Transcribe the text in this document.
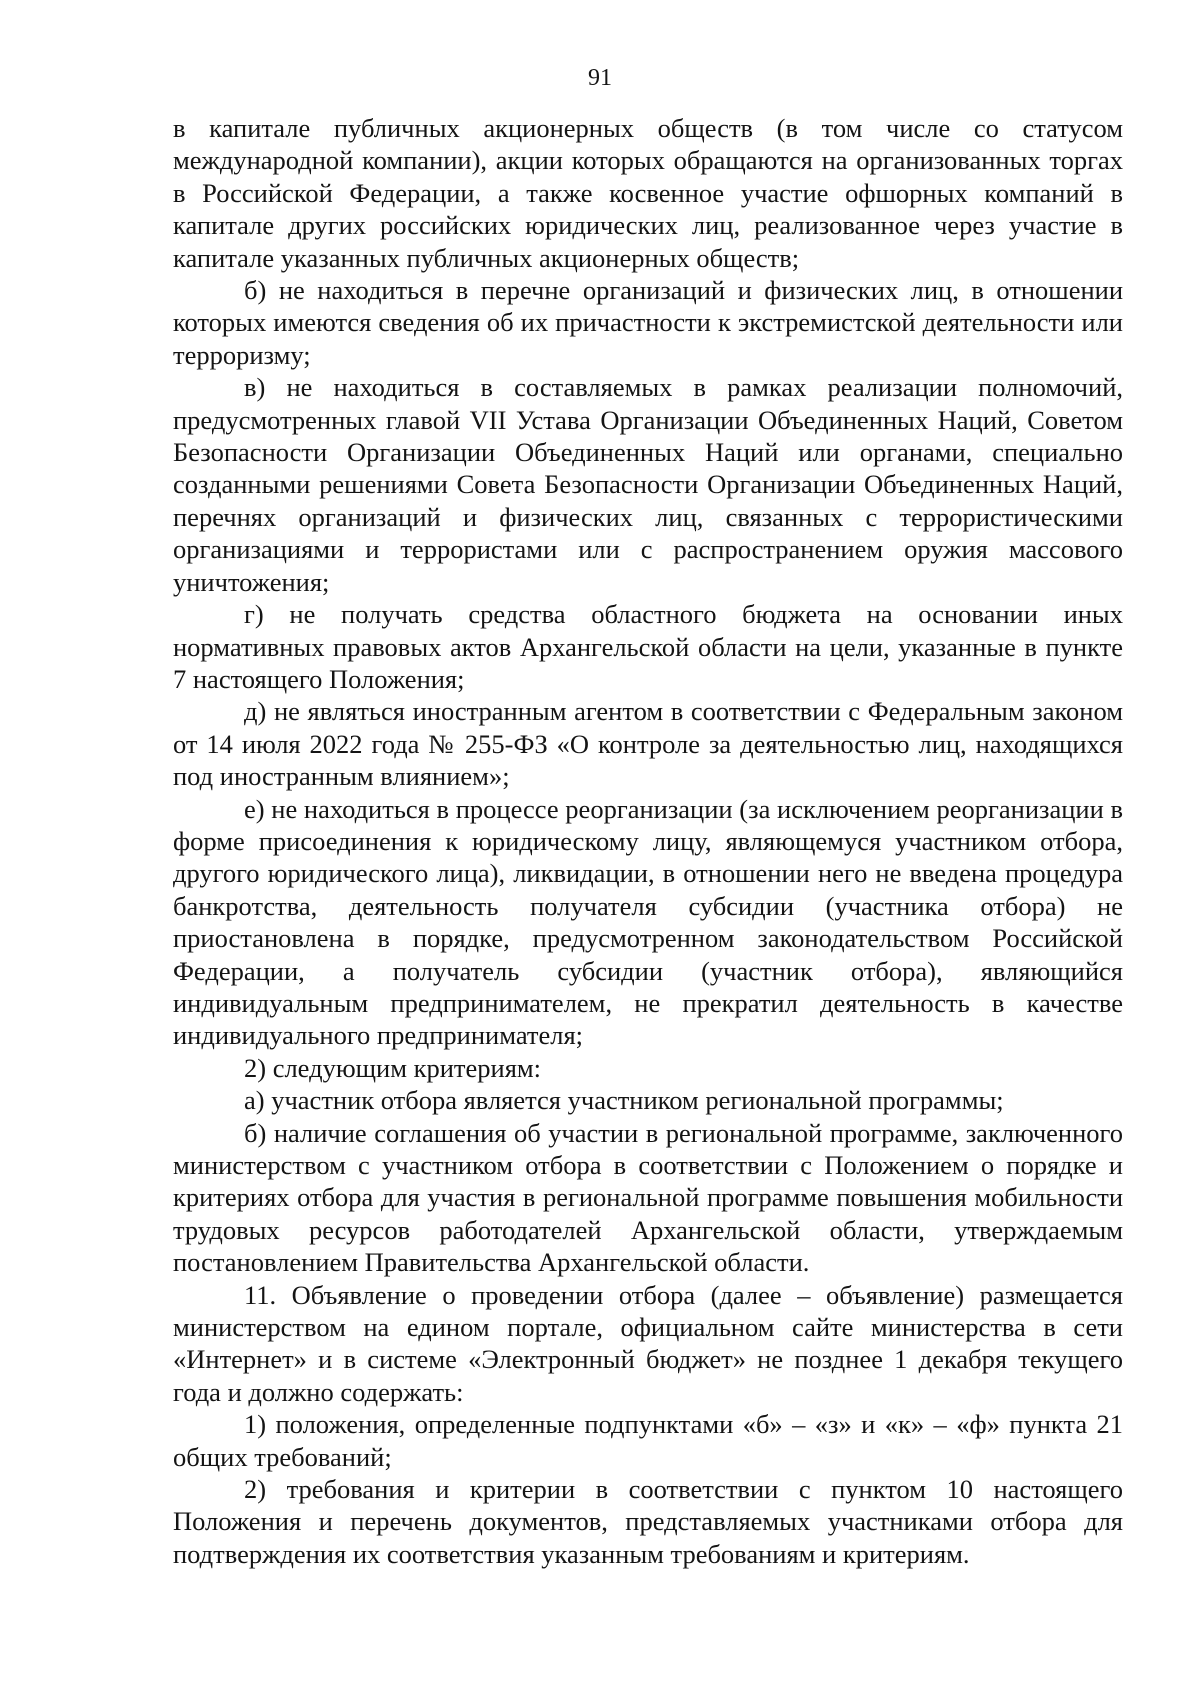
91

в капитале публичных акционерных обществ (в том числе со статусом международной компании), акции которых обращаются на организованных торгах в Российской Федерации, а также косвенное участие офшорных компаний в капитале других российских юридических лиц, реализованное через участие в капитале указанных публичных акционерных обществ;

б) не находиться в перечне организаций и физических лиц, в отношении которых имеются сведения об их причастности к экстремистской деятельности или терроризму;

в) не находиться в составляемых в рамках реализации полномочий, предусмотренных главой VII Устава Организации Объединенных Наций, Советом Безопасности Организации Объединенных Наций или органами, специально созданными решениями Совета Безопасности Организации Объединенных Наций, перечнях организаций и физических лиц, связанных с террористическими организациями и террористами или с распространением оружия массового уничтожения;

г) не получать средства областного бюджета на основании иных нормативных правовых актов Архангельской области на цели, указанные в пункте 7 настоящего Положения;

д) не являться иностранным агентом в соответствии с Федеральным законом от 14 июля 2022 года № 255-ФЗ «О контроле за деятельностью лиц, находящихся под иностранным влиянием»;

е) не находиться в процессе реорганизации (за исключением реорганизации в форме присоединения к юридическому лицу, являющемуся участником отбора, другого юридического лица), ликвидации, в отношении него не введена процедура банкротства, деятельность получателя субсидии (участника отбора) не приостановлена в порядке, предусмотренном законодательством Российской Федерации, а получатель субсидии (участник отбора), являющийся индивидуальным предпринимателем, не прекратил деятельность в качестве индивидуального предпринимателя;

2) следующим критериям:

а) участник отбора является участником региональной программы;

б) наличие соглашения об участии в региональной программе, заключенного министерством с участником отбора в соответствии с Положением о порядке и критериях отбора для участия в региональной программе повышения мобильности трудовых ресурсов работодателей Архангельской области, утверждаемым постановлением Правительства Архангельской области.

11. Объявление о проведении отбора (далее – объявление) размещается министерством на едином портале, официальном сайте министерства в сети «Интернет» и в системе «Электронный бюджет» не позднее 1 декабря текущего года и должно содержать:

1) положения, определенные подпунктами «б» – «з» и «к» – «ф» пункта 21 общих требований;

2) требования и критерии в соответствии с пунктом 10 настоящего Положения и перечень документов, представляемых участниками отбора для подтверждения их соответствия указанным требованиям и критериям.
